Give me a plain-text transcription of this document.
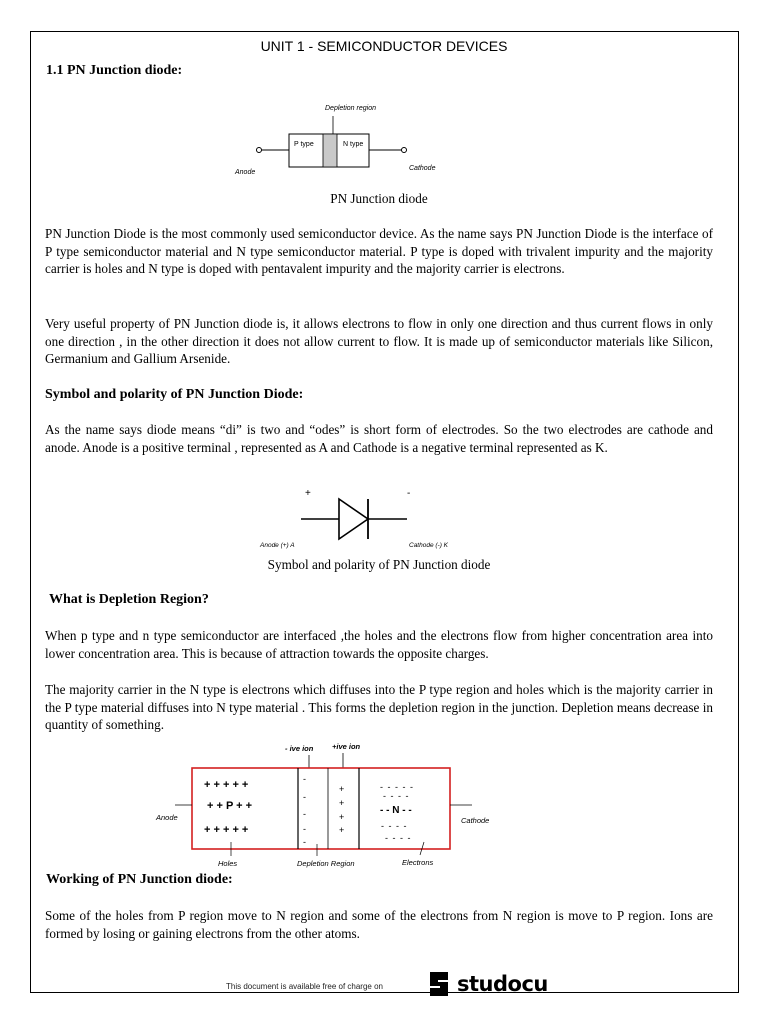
UNIT 1 - SEMICONDUCTOR DEVICES
1.1 PN Junction diode:
Depletion region
P type	N type
Anode
Cathode
PN Junction diode

PN Junction Diode is the most commonly used semiconductor device. As the name says PN Junction Diode is the interface of P type semiconductor material and N type semiconductor material. P type is doped with trivalent impurity and the majority carrier is holes and N type is doped with pentavalent impurity and the majority carrier is electrons.

Very useful property of PN Junction diode is, it allows electrons to flow in only one direction and thus current flows in only one direction , in the other direction it does not allow current to flow. It is made up of semiconductor materials like Silicon, Germanium and Gallium Arsenide.

Symbol and polarity of PN Junction Diode:

As the name says diode means “di” is two and “odes” is short form of electrodes. So the two electrodes are cathode and anode. Anode is a positive terminal , represented as A and Cathode is a negative terminal represented as K.

+	-
Anode (+) A	Cathode (-) K
Symbol and polarity of PN Junction diode
What is Depletion Region?

When p type and n type semiconductor are interfaced ,the holes and the electrons flow from higher concentration area into lower concentration area. This is because of attraction towards the opposite charges.

The majority carrier in the N type is electrons which diffuses into the P type region and holes which is the majority carrier in the P type material diffuses into N type material . This forms the depletion region in the junction. Depletion means decrease in quantity of something.

- ive ion +ive ion
+ + + + +
+ + P + +
+ + + + +
-
-
-
-
-
+
+
+
+
- - - - -
- - - -
- - N - -
- - - -
- - - -
Anode	Cathode
Holes	Depletion Region	Electrons
Working of PN Junction diode:

Some of the holes from P region move to N region and some of the electrons from N region is move to P region. Ions are formed by losing or gaining electrons from the other atoms.

This document is available free of charge on	studocu
